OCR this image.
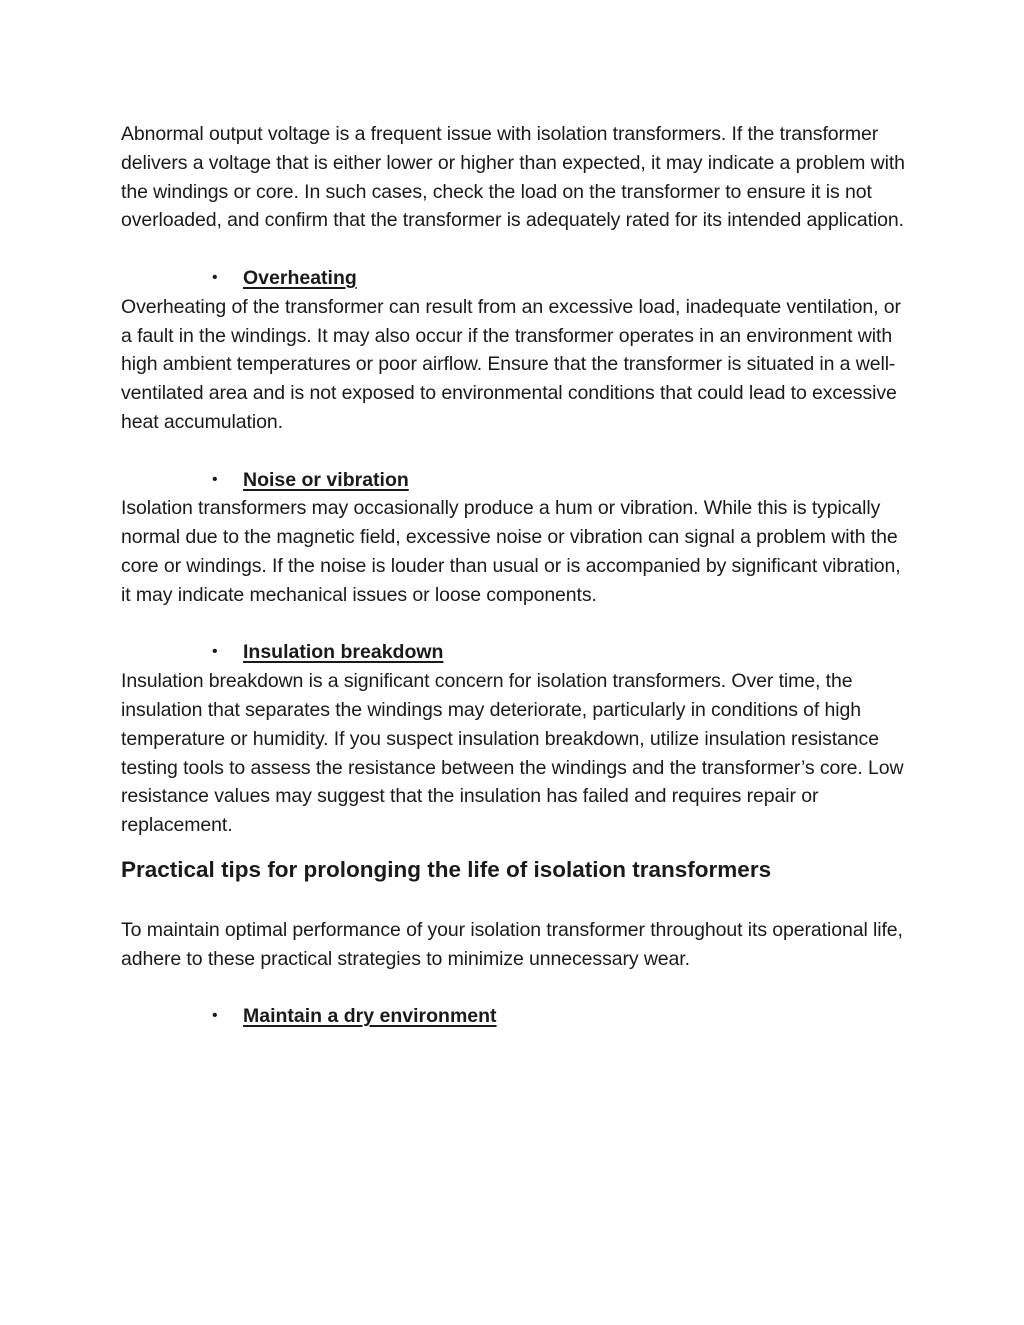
Abnormal output voltage is a frequent issue with isolation transformers. If the transformer delivers a voltage that is either lower or higher than expected, it may indicate a problem with the windings or core. In such cases, check the load on the transformer to ensure it is not overloaded, and confirm that the transformer is adequately rated for its intended application.

• Overheating

Overheating of the transformer can result from an excessive load, inadequate ventilation, or a fault in the windings. It may also occur if the transformer operates in an environment with high ambient temperatures or poor airflow. Ensure that the transformer is situated in a well-ventilated area and is not exposed to environmental conditions that could lead to excessive heat accumulation.

• Noise or vibration

Isolation transformers may occasionally produce a hum or vibration. While this is typically normal due to the magnetic field, excessive noise or vibration can signal a problem with the core or windings. If the noise is louder than usual or is accompanied by significant vibration, it may indicate mechanical issues or loose components.

• Insulation breakdown

Insulation breakdown is a significant concern for isolation transformers. Over time, the insulation that separates the windings may deteriorate, particularly in conditions of high temperature or humidity. If you suspect insulation breakdown, utilize insulation resistance testing tools to assess the resistance between the windings and the transformer’s core. Low resistance values may suggest that the insulation has failed and requires repair or replacement.

Practical tips for prolonging the life of isolation transformers

To maintain optimal performance of your isolation transformer throughout its operational life, adhere to these practical strategies to minimize unnecessary wear.

• Maintain a dry environment
